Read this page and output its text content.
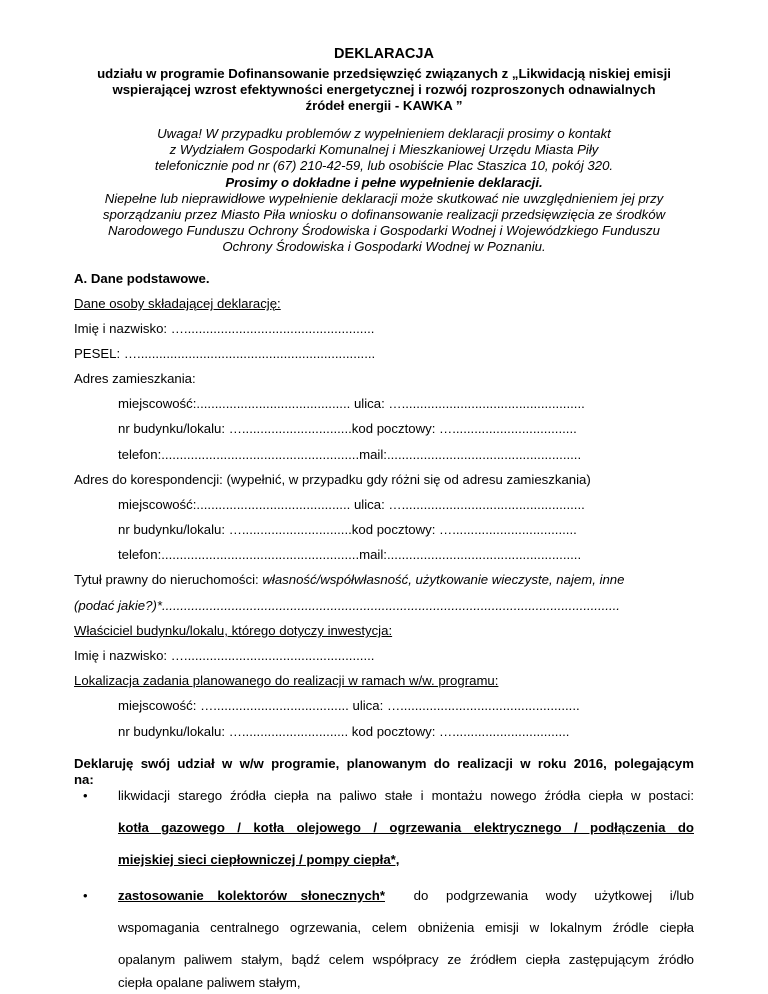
DEKLARACJA
udziału w programie Dofinansowanie przedsięwzięć związanych z „Likwidacją niskiej emisji
wspierającej wzrost efektywności energetycznej i rozwój rozproszonych odnawialnych
źródeł energii - KAWKA ”
Uwaga! W przypadku problemów z wypełnieniem deklaracji prosimy o kontakt
z Wydziałem Gospodarki Komunalnej i Mieszkaniowej Urzędu Miasta Piły
telefonicznie pod nr (67) 210-42-59, lub osobiście Plac Staszica 10, pokój 320.
Prosimy o dokładne i pełne wypełnienie deklaracji.
Niepełne lub nieprawidłowe wypełnienie deklaracji może skutkować nie uwzględnieniem jej przy
sporządzaniu przez Miasto Piła wniosku o dofinansowanie realizacji przedsięwzięcia ze środków
Narodowego Funduszu Ochrony Środowiska i Gospodarki Wodnej i Wojewódzkiego Funduszu
Ochrony Środowiska i Gospodarki Wodnej w Poznaniu.
A. Dane podstawowe.
Dane osoby składającej deklarację:
Imię i nazwisko: …....................................................
PESEL: ….................................................................
Adres zamieszkania:
miejscowość:.......................................... ulica: …..................................................
nr budynku/lokalu: …..............................kod pocztowy: …..................................
telefon:......................................................mail:.....................................................
Adres do korespondencji: (wypełnić, w przypadku gdy różni się od adresu zamieszkania)
miejscowość:.......................................... ulica: …..................................................
nr budynku/lokalu: …..............................kod pocztowy: …..................................
telefon:......................................................mail:.....................................................
Tytuł prawny do nieruchomości: własność/współwłasność, użytkowanie wieczyste, najem, inne
(podać jakie?)*.............................................................................................................................
Właściciel budynku/lokalu, którego dotyczy inwestycja:
Imię i nazwisko: …....................................................
Lokalizacja zadania planowanego do realizacji w ramach w/w. programu:
miejscowość: …..................................... ulica: ….................................................
nr budynku/lokalu: …............................. kod pocztowy: …................................
Deklaruję swój udział w w/w programie, planowanym do realizacji w roku 2016, polegającym
na:
• likwidacji starego źródła ciepła na paliwo stałe i montażu nowego źródła ciepła w postaci:
kotła gazowego / kotła olejowego / ogrzewania elektrycznego / podłączenia do
miejskiej sieci ciepłowniczej / pompy ciepła*,
• zastosowanie kolektorów słonecznych* do podgrzewania wody użytkowej i/lub
wspomagania centralnego ogrzewania, celem obniżenia emisji w lokalnym źródle ciepła
opalanym paliwem stałym, bądź celem współpracy ze źródłem ciepła zastępującym źródło
ciepła opalane paliwem stałym,
